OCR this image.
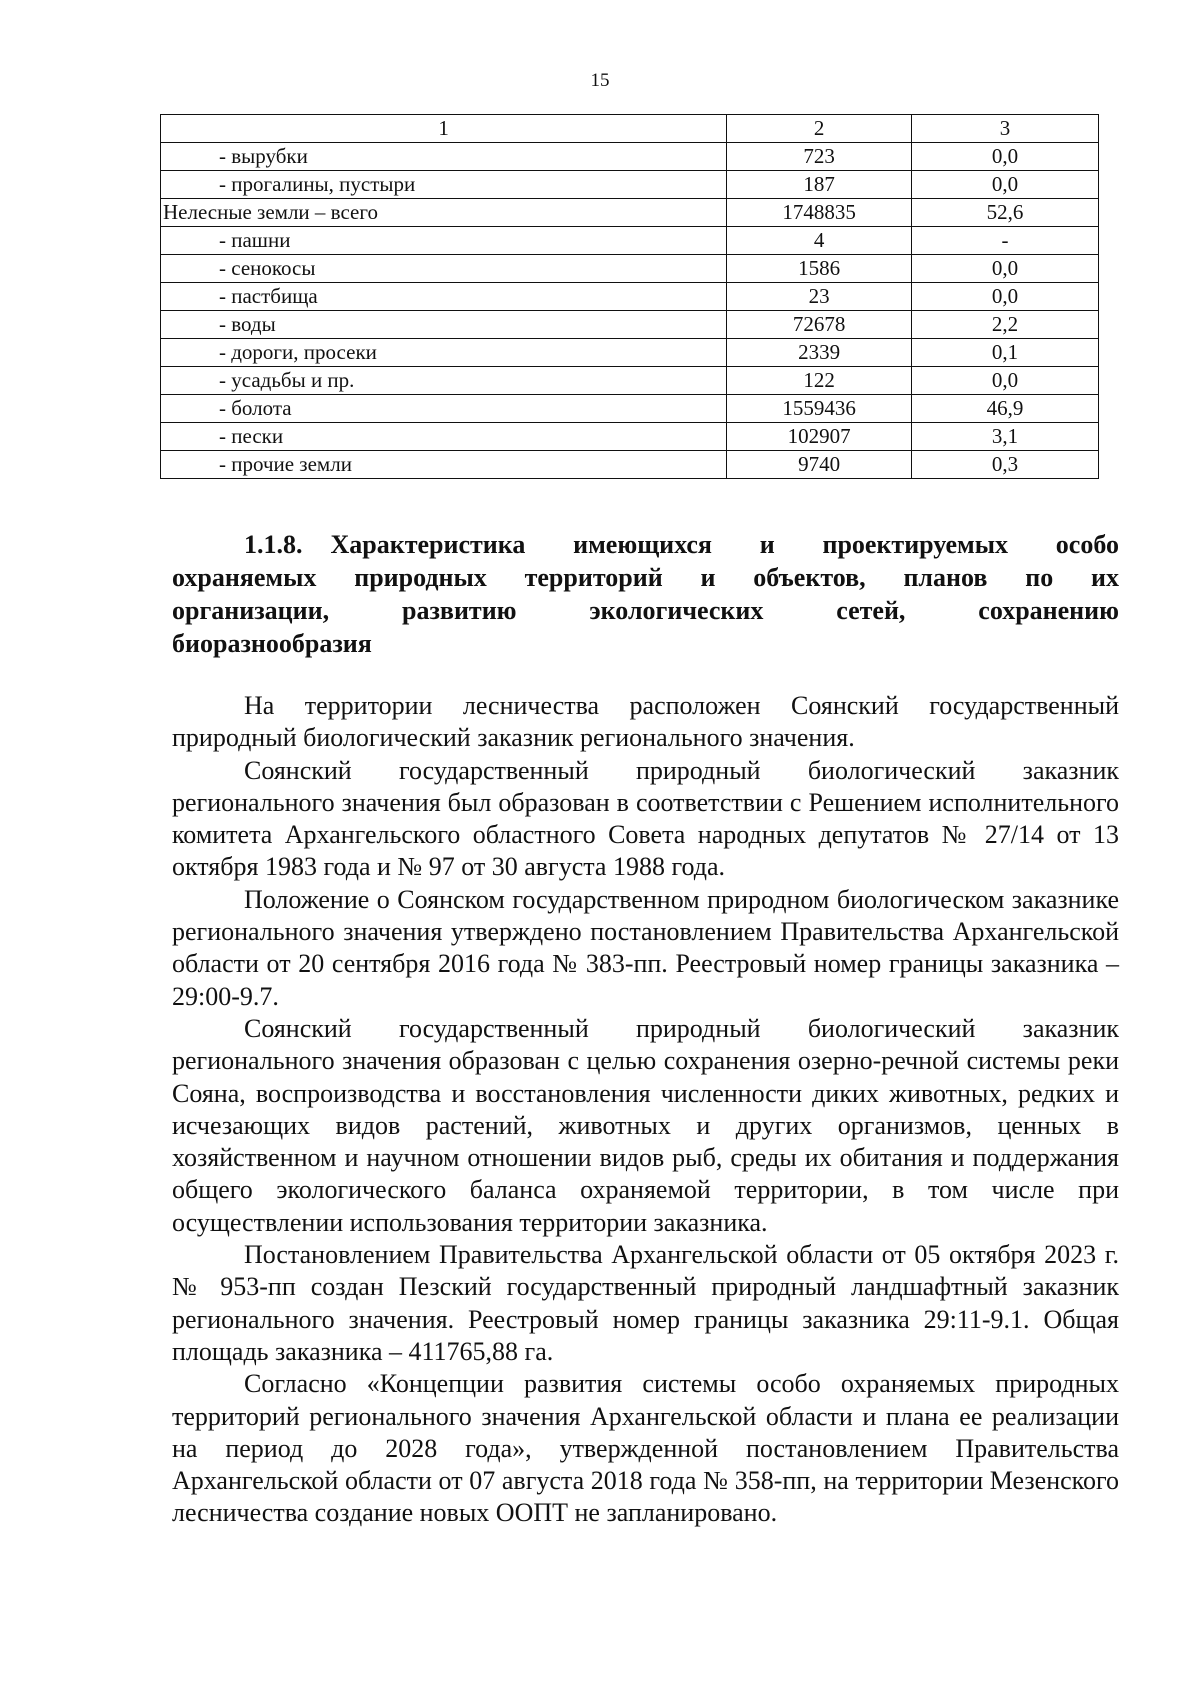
15
1	2	3
- вырубки	723	0,0
- прогалины, пустыри	187	0,0
Нелесные земли – всего	1748835	52,6
- пашни	4	-
- сенокосы	1586	0,0
- пастбища	23	0,0
- воды	72678	2,2
- дороги, просеки	2339	0,1
- усадьбы и пр.	122	0,0
- болота	1559436	46,9
- пески	102907	3,1
- прочие земли	9740	0,3
1.1.8. Характеристика имеющихся и проектируемых особо
охраняемых природных территорий и объектов, планов по их
организации, развитию экологических сетей, сохранению
биоразнообразия

На территории лесничества расположен Соянский государственный природный биологический заказник регионального значения.

Соянский государственный природный биологический заказник регионального значения был образован в соответствии с Решением исполнительного комитета Архангельского областного Совета народных депутатов № 27/14 от 13 октября 1983 года и № 97 от 30 августа 1988 года.

Положение о Соянском государственном природном биологическом заказнике регионального значения утверждено постановлением Правительства Архангельской области от 20 сентября 2016 года № 383-пп. Реестровый номер границы заказника – 29:00-9.7.

Соянский государственный природный биологический заказник регионального значения образован с целью сохранения озерно-речной системы реки Сояна, воспроизводства и восстановления численности диких животных, редких и исчезающих видов растений, животных и других организмов, ценных в хозяйственном и научном отношении видов рыб, среды их обитания и поддержания общего экологического баланса охраняемой территории, в том числе при осуществлении использования территории заказника.

Постановлением Правительства Архангельской области от 05 октября 2023 г. № 953-пп создан Пезский государственный природный ландшафтный заказник регионального значения. Реестровый номер границы заказника 29:11-9.1. Общая площадь заказника – 411765,88 га.

Согласно «Концепции развития системы особо охраняемых природных территорий регионального значения Архангельской области и плана ее реализации на период до 2028 года», утвержденной постановлением Правительства Архангельской области от 07 августа 2018 года № 358-пп, на территории Мезенского лесничества создание новых ООПТ не запланировано.
